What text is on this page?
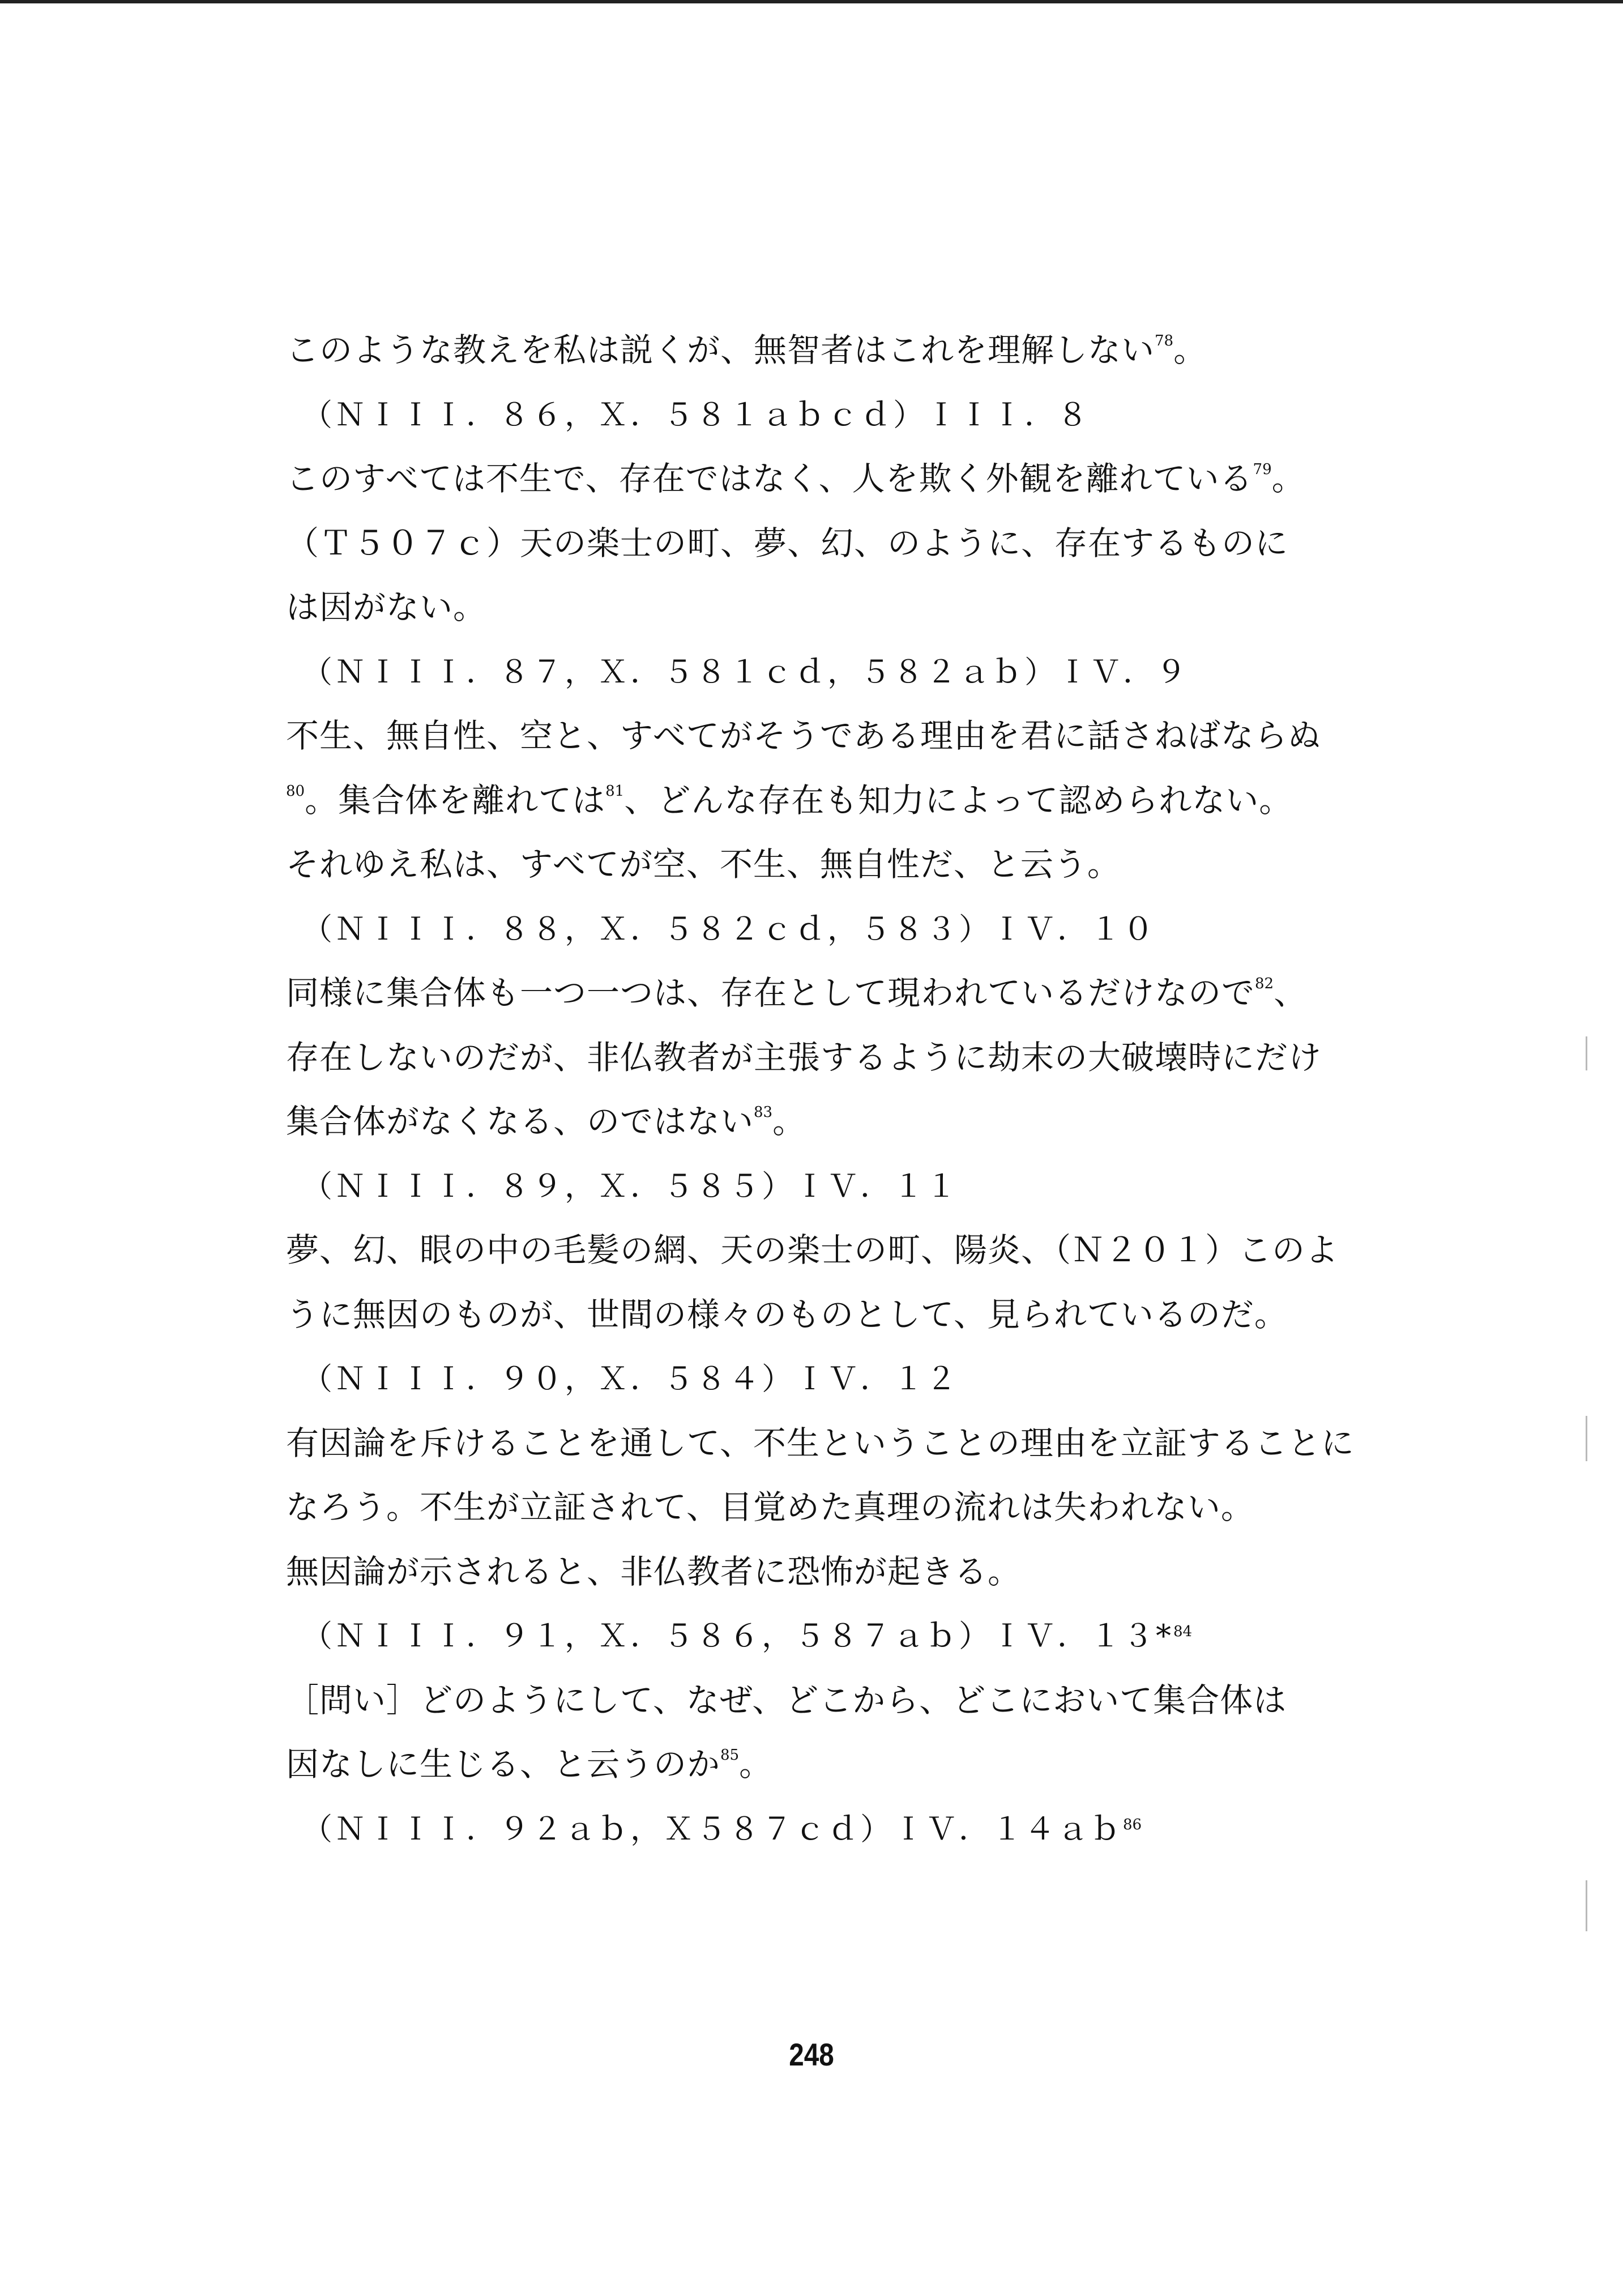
このような教えを私は説くが、無智者はこれを理解しない$^{78}$。
（ＮＩＩＩ．８６，Ｘ．５８１ａｂｃｄ）ＩＩＩ．８
このすべては不生で、存在ではなく、人を欺く外観を離れている$^{79}$。
（Ｔ５０７ｃ）天の楽士の町、夢、幻、のように、存在するものに
は因がない。
（ＮＩＩＩ．８７，Ｘ．５８１ｃｄ，５８２ａｂ）ＩＶ．９
不生、無自性、空と、すべてがそうである理由を君に話さねばならぬ
$^{80}$。集合体を離れては$^{81}$、どんな存在も知力によって認められない。
それゆえ私は、すべてが空、不生、無自性だ、と云う。
（ＮＩＩＩ．８８，Ｘ．５８２ｃｄ，５８３）ＩＶ．１０
同様に集合体も一つ一つは、存在として現われているだけなので$^{82}$、
存在しないのだが、非仏教者が主張するように劫末の大破壊時にだけ
集合体がなくなる、のではない$^{83}$。
（ＮＩＩＩ．８９，Ｘ．５８５）ＩＶ．１１
夢、幻、眼の中の毛髪の網、天の楽士の町、陽炎、（Ｎ２０１）このよ
うに無因のものが、世間の様々のものとして、見られているのだ。
（ＮＩＩＩ．９０，Ｘ．５８４）ＩＶ．１２
有因論を斥けることを通して、不生ということの理由を立証することに
なろう。不生が立証されて、目覚めた真理の流れは失われない。
無因論が示されると、非仏教者に恐怖が起きる。
（ＮＩＩＩ．９１，Ｘ．５８６，５８７ａｂ）ＩＶ．１３*$^{84}$
［問い］どのようにして、なぜ、どこから、どこにおいて集合体は
因なしに生じる、と云うのか$^{85}$。
（ＮＩＩＩ．９２ａｂ，Ｘ５８７ｃｄ）ＩＶ．１４ａｂ$^{86}$
248
